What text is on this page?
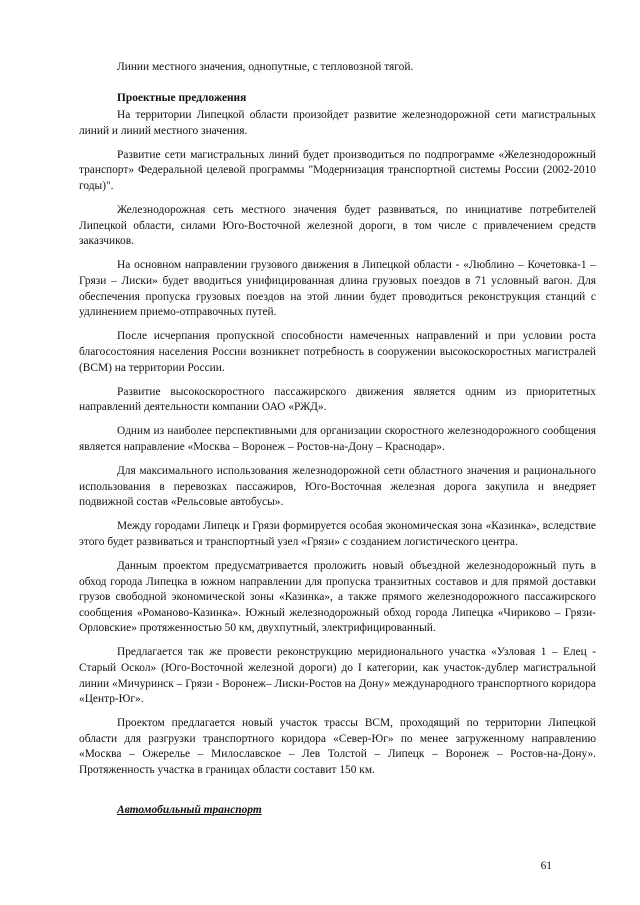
Линии местного значения, однопутные, с тепловозной тягой.

Проектные предложения

На территории Липецкой области произойдет развитие железнодорожной сети магистральных линий и линий местного значения.

Развитие сети магистральных линий будет производиться по подпрограмме «Железнодорожный транспорт» Федеральной целевой программы "Модернизация транспортной системы России (2002-2010 годы)".

Железнодорожная сеть местного значения будет развиваться, по инициативе потребителей Липецкой области, силами Юго-Восточной железной дороги, в том числе с привлечением средств заказчиков.

На основном направлении грузового движения в Липецкой области - «Люблино – Кочетовка-1 – Грязи – Лиски» будет вводиться унифицированная длина грузовых поездов в 71 условный вагон. Для обеспечения пропуска грузовых поездов на этой линии будет проводиться реконструкция станций с удлинением приемо-отправочных путей.

После исчерпания пропускной способности намеченных направлений и при условии роста благосостояния населения России возникнет потребность в сооружении высокоскоростных магистралей (ВСМ) на территории России.

Развитие высокоскоростного пассажирского движения является одним из приоритетных направлений деятельности компании ОАО «РЖД».

Одним из наиболее перспективными для организации скоростного железнодорожного сообщения является направление «Москва – Воронеж – Ростов-на-Дону – Краснодар».

Для максимального использования железнодорожной сети областного значения и рационального использования в перевозках пассажиров, Юго-Восточная железная дорога закупила и внедряет подвижной состав «Рельсовые автобусы».

Между городами Липецк и Грязи формируется особая экономическая зона «Казинка», вследствие этого будет развиваться и транспортный узел «Грязи» с созданием логистического центра.

Данным проектом предусматривается проложить новый объездной железнодорожный путь в обход города Липецка в южном направлении для пропуска транзитных составов и для прямой доставки грузов свободной экономической зоны «Казинка», а также прямого железнодорожного пассажирского сообщения «Романово-Казинка». Южный железнодорожный обход города Липецка «Чириково – Грязи-Орловские» протяженностью 50 км, двухпутный, электрифицированный.

Предлагается так же провести реконструкцию меридионального участка «Узловая 1 – Елец - Старый Оскол» (Юго-Восточной железной дороги) до I категории, как участок-дублер магистральной линии «Мичуринск – Грязи - Воронеж– Лиски-Ростов на Дону» международного транспортного коридора «Центр-Юг».

Проектом предлагается новый участок трассы ВСМ, проходящий по территории Липецкой области для разгрузки транспортного коридора «Север-Юг» по менее загруженному направлению «Москва – Ожерелье – Милославское – Лев Толстой – Липецк – Воронеж – Ростов-на-Дону». Протяженность участка в границах области составит 150 км.

Автомобильный транспорт
61
